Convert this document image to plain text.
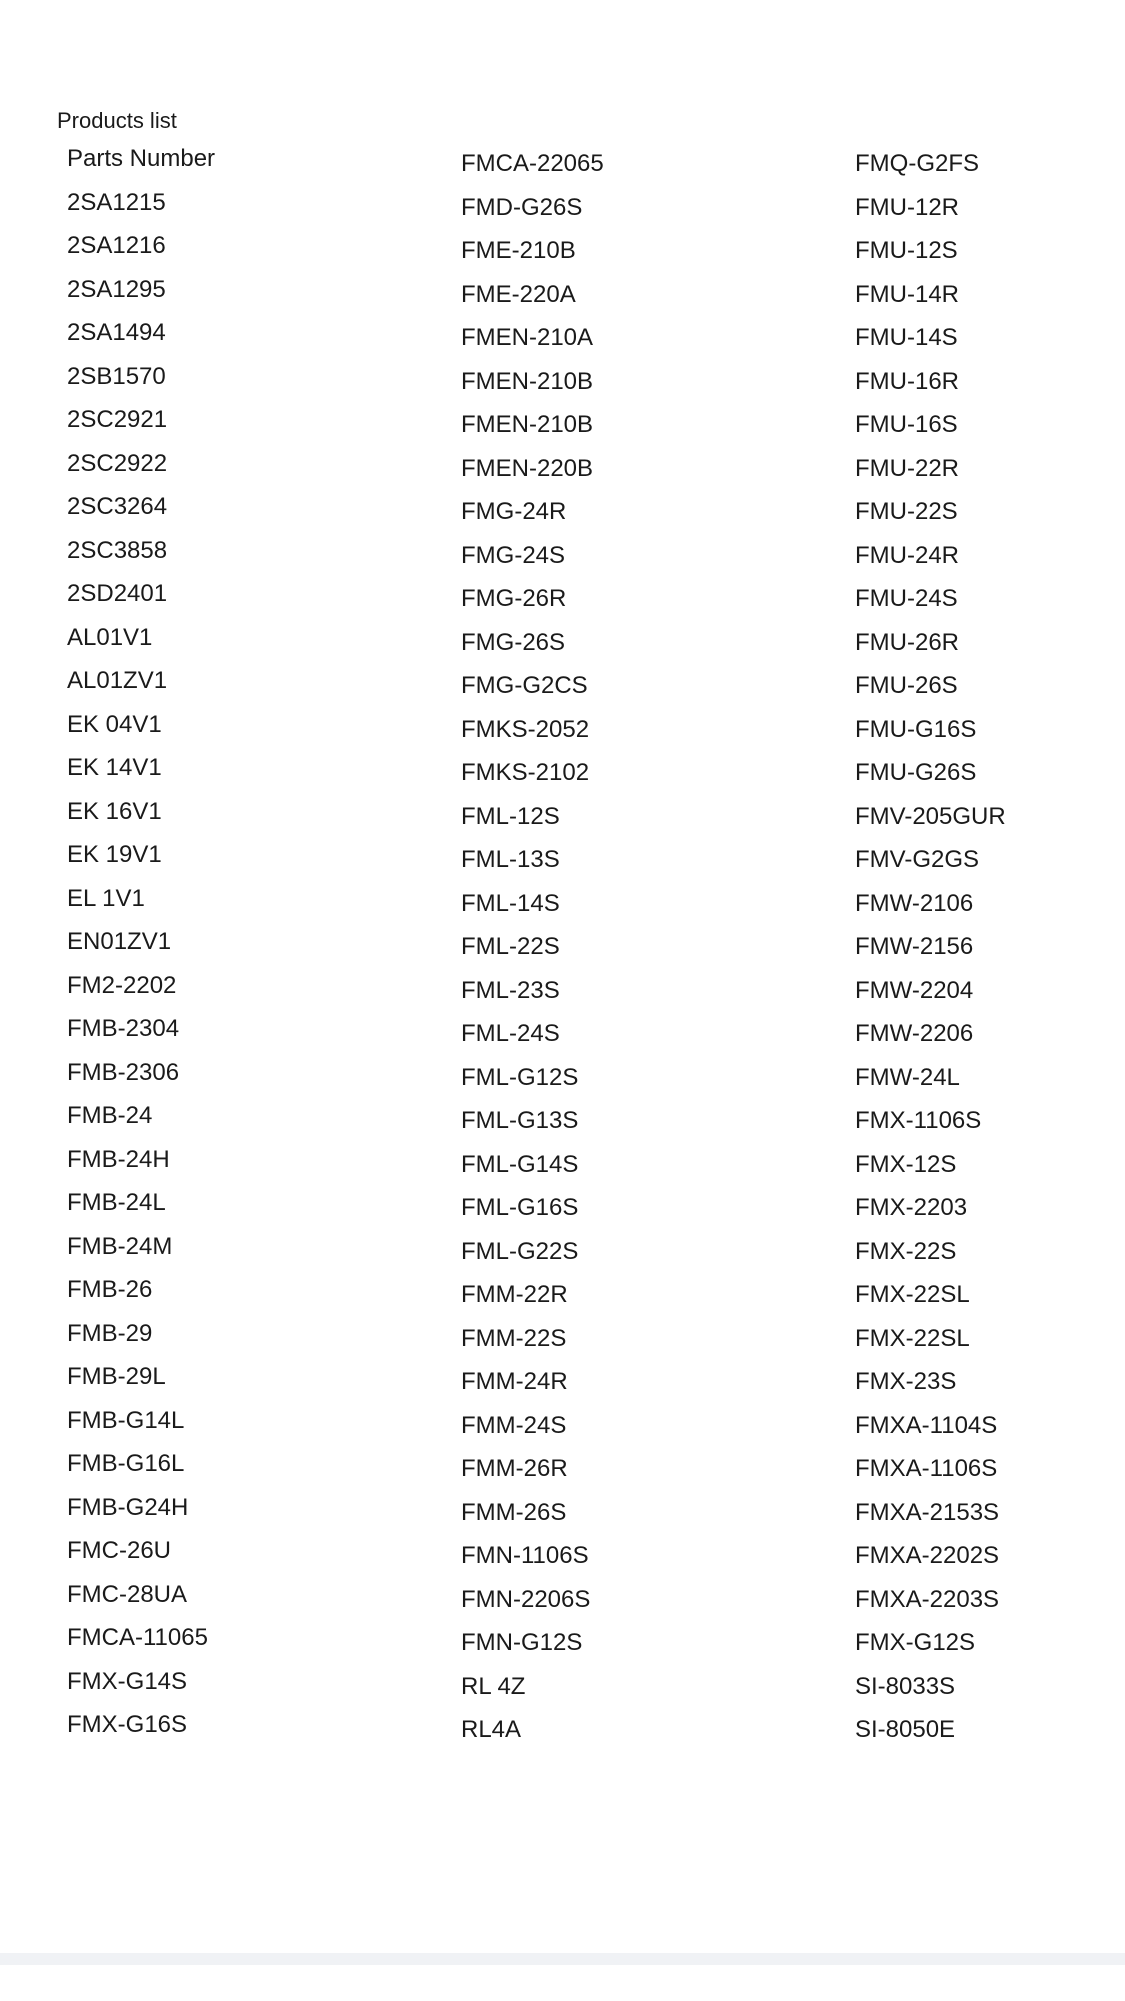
Products list
Parts Number
2SA1215
2SA1216
2SA1295
2SA1494
2SB1570
2SC2921
2SC2922
2SC3264
2SC3858
2SD2401
AL01V1
AL01ZV1
EK 04V1
EK 14V1
EK 16V1
EK 19V1
EL 1V1
EN01ZV1
FM2-2202
FMB-2304
FMB-2306
FMB-24
FMB-24H
FMB-24L
FMB-24M
FMB-26
FMB-29
FMB-29L
FMB-G14L
FMB-G16L
FMB-G24H
FMC-26U
FMC-28UA
FMCA-11065
FMX-G14S
FMX-G16S
FMCA-22065
FMD-G26S
FME-210B
FME-220A
FMEN-210A
FMEN-210B
FMEN-210B
FMEN-220B
FMG-24R
FMG-24S
FMG-26R
FMG-26S
FMG-G2CS
FMKS-2052
FMKS-2102
FML-12S
FML-13S
FML-14S
FML-22S
FML-23S
FML-24S
FML-G12S
FML-G13S
FML-G14S
FML-G16S
FML-G22S
FMM-22R
FMM-22S
FMM-24R
FMM-24S
FMM-26R
FMM-26S
FMN-1106S
FMN-2206S
FMN-G12S
RL 4Z
RL4A
FMQ-G2FS
FMU-12R
FMU-12S
FMU-14R
FMU-14S
FMU-16R
FMU-16S
FMU-22R
FMU-22S
FMU-24R
FMU-24S
FMU-26R
FMU-26S
FMU-G16S
FMU-G26S
FMV-205GUR
FMV-G2GS
FMW-2106
FMW-2156
FMW-2204
FMW-2206
FMW-24L
FMX-1106S
FMX-12S
FMX-2203
FMX-22S
FMX-22SL
FMX-22SL
FMX-23S
FMXA-1104S
FMXA-1106S
FMXA-2153S
FMXA-2202S
FMXA-2203S
FMX-G12S
SI-8033S
SI-8050E
